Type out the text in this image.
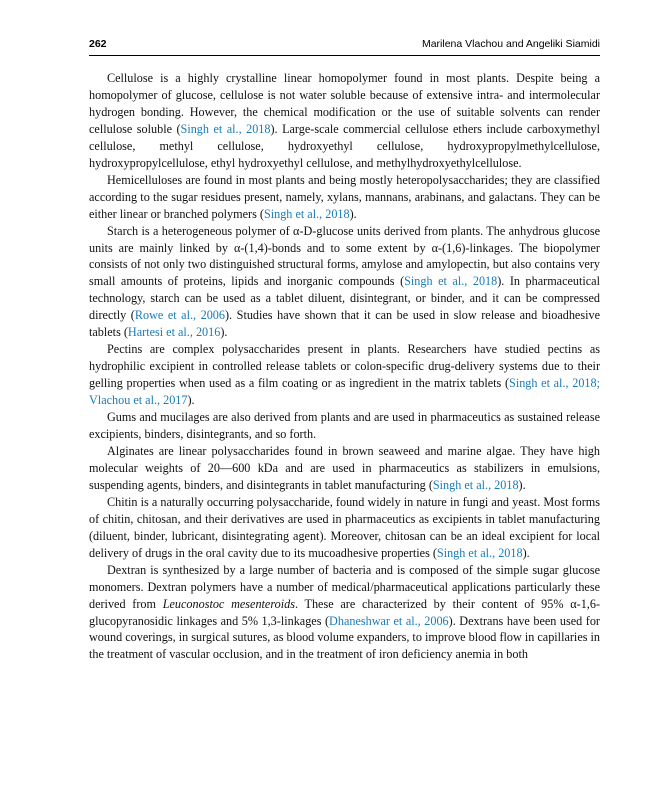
262	Marilena Vlachou and Angeliki Siamidi

Cellulose is a highly crystalline linear homopolymer found in most plants. Despite being a homopolymer of glucose, cellulose is not water soluble because of extensive intra- and intermolecular hydrogen bonding. However, the chemical modification or the use of suitable solvents can render cellulose soluble (Singh et al., 2018). Large-scale commercial cellulose ethers include carboxymethyl cellulose, methyl cellulose, hydroxyethyl cellulose, hydroxypropylmethylcellulose, hydroxypropylcellulose, ethyl hydroxyethyl cellulose, and methylhydroxyethylcellulose.

Hemicelluloses are found in most plants and being mostly heteropolysaccharides; they are classified according to the sugar residues present, namely, xylans, mannans, arabinans, and galactans. They can be either linear or branched polymers (Singh et al., 2018).

Starch is a heterogeneous polymer of α-D-glucose units derived from plants. The anhydrous glucose units are mainly linked by α-(1,4)-bonds and to some extent by α-(1,6)-linkages. The biopolymer consists of not only two distinguished structural forms, amylose and amylopectin, but also contains very small amounts of proteins, lipids and inorganic compounds (Singh et al., 2018). In pharmaceutical technology, starch can be used as a tablet diluent, disintegrant, or binder, and it can be compressed directly (Rowe et al., 2006). Studies have shown that it can be used in slow release and bioadhesive tablets (Hartesi et al., 2016).

Pectins are complex polysaccharides present in plants. Researchers have studied pectins as hydrophilic excipient in controlled release tablets or colon-specific drug-delivery systems due to their gelling properties when used as a film coating or as ingredient in the matrix tablets (Singh et al., 2018; Vlachou et al., 2017).

Gums and mucilages are also derived from plants and are used in pharmaceutics as sustained release excipients, binders, disintegrants, and so forth.

Alginates are linear polysaccharides found in brown seaweed and marine algae. They have high molecular weights of 20—600 kDa and are used in pharmaceutics as stabilizers in emulsions, suspending agents, binders, and disintegrants in tablet manufacturing (Singh et al., 2018).

Chitin is a naturally occurring polysaccharide, found widely in nature in fungi and yeast. Most forms of chitin, chitosan, and their derivatives are used in pharmaceutics as excipients in tablet manufacturing (diluent, binder, lubricant, disintegrating agent). Moreover, chitosan can be an ideal excipient for local delivery of drugs in the oral cavity due to its mucoadhesive properties (Singh et al., 2018).

Dextran is synthesized by a large number of bacteria and is composed of the simple sugar glucose monomers. Dextran polymers have a number of medical/pharmaceutical applications particularly these derived from Leuconostoc mesenteroids. These are characterized by their content of 95% α-1,6-glucopyranosidic linkages and 5% 1,3-linkages (Dhaneshwar et al., 2006). Dextrans have been used for wound coverings, in surgical sutures, as blood volume expanders, to improve blood flow in capillaries in the treatment of vascular occlusion, and in the treatment of iron deficiency anemia in both
